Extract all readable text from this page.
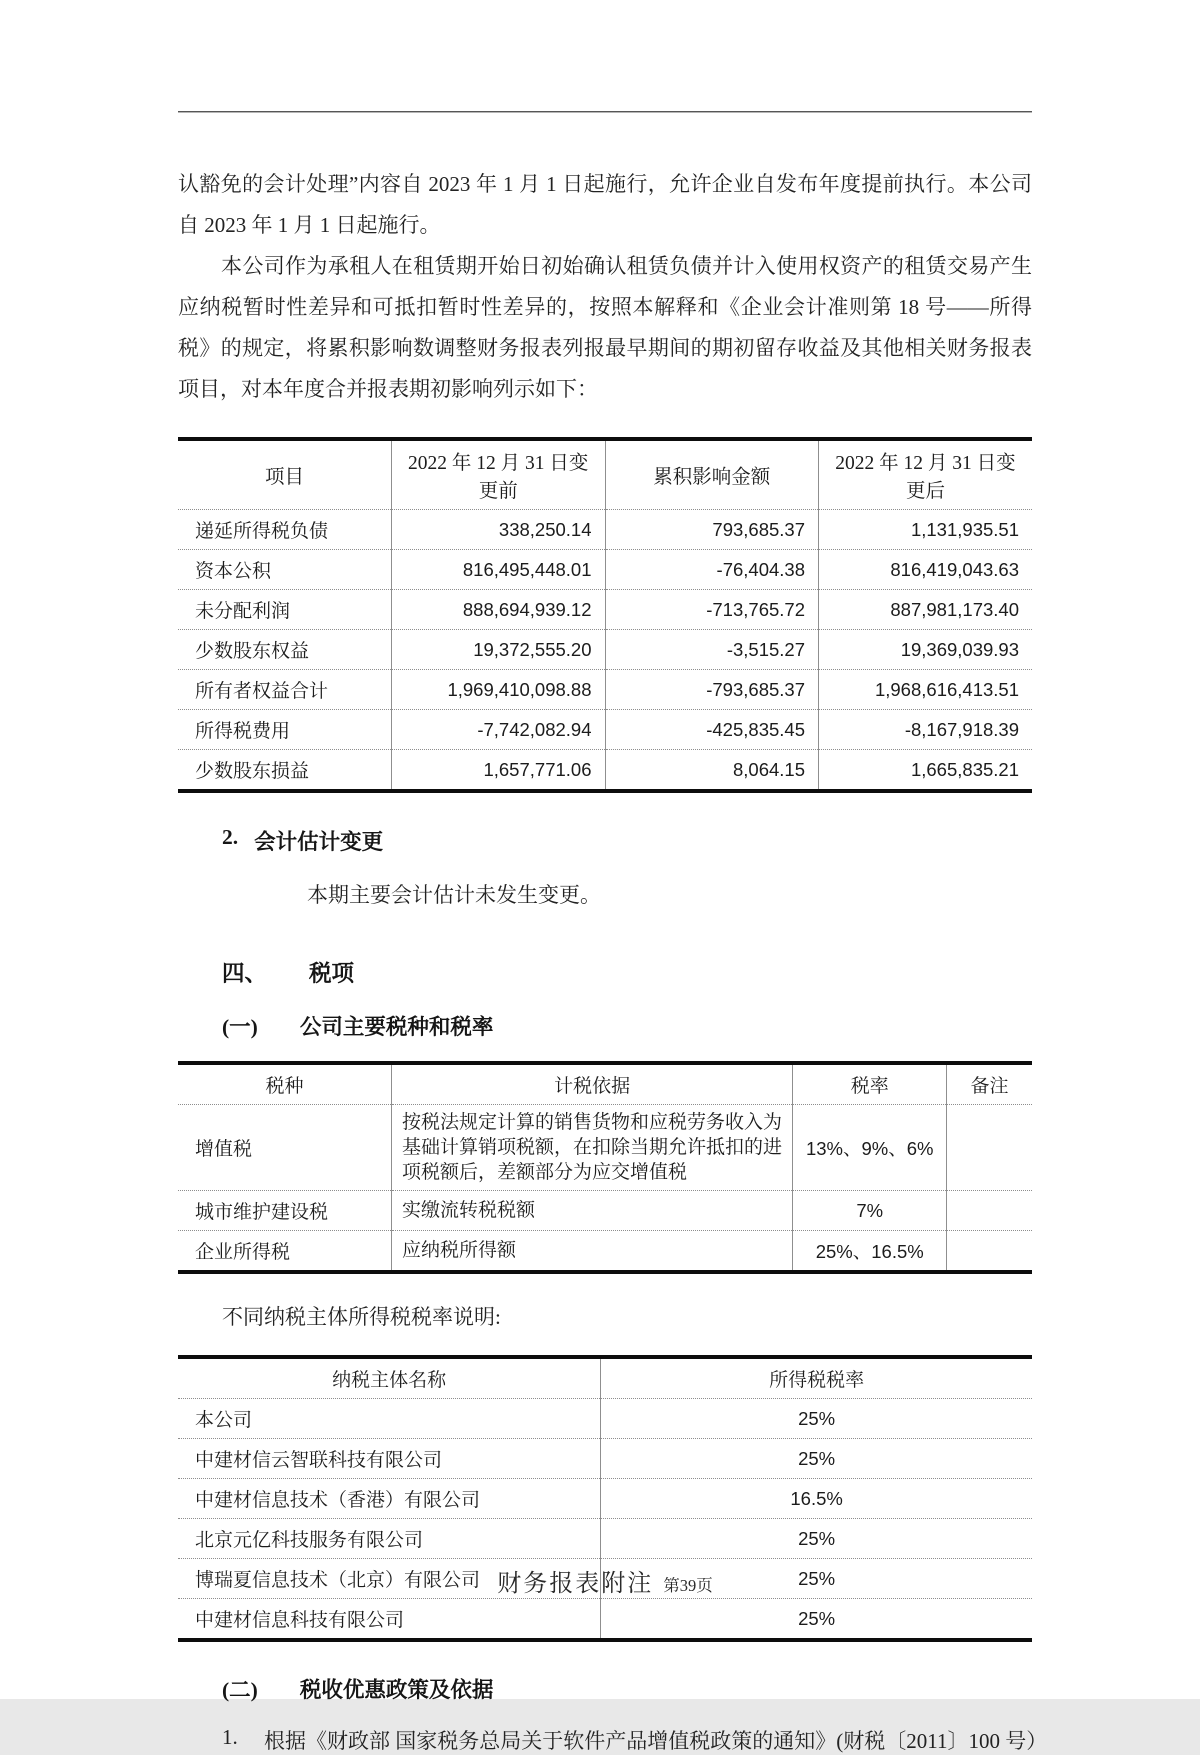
认豁免的会计处理”内容自 2023 年 1 月 1 日起施行，允许企业自发布年度提前执行。本公司自 2023 年 1 月 1 日起施行。

本公司作为承租人在租赁期开始日初始确认租赁负债并计入使用权资产的租赁交易产生应纳税暂时性差异和可抵扣暂时性差异的，按照本解释和《企业会计准则第 18 号——所得税》的规定，将累积影响数调整财务报表列报最早期间的期初留存收益及其他相关财务报表项目，对本年度合并报表期初影响列示如下：

项目	2022 年 12 月 31 日变更前	累积影响金额	2022 年 12 月 31 日变更后
递延所得税负债	338,250.14	793,685.37	1,131,935.51
资本公积	816,495,448.01	-76,404.38	816,419,043.63
未分配利润	888,694,939.12	-713,765.72	887,981,173.40
少数股东权益	19,372,555.20	-3,515.27	19,369,039.93
所有者权益合计	1,969,410,098.88	-793,685.37	1,968,616,413.51
所得税费用	-7,742,082.94	-425,835.45	-8,167,918.39
少数股东损益	1,657,771.06	8,064.15	1,665,835.21
2. 会计估计变更

本期主要会计估计未发生变更。

四、 税项
(一) 公司主要税种和税率
税种	计税依据	税率	备注
增值税	按税法规定计算的销售货物和应税劳务收入为基础计算销项税额，在扣除当期允许抵扣的进项税额后，差额部分为应交增值税	13%、9%、6%	
城市维护建设税	实缴流转税税额	7%	
企业所得税	应纳税所得额	25%、16.5%	

不同纳税主体所得税税率说明:

纳税主体名称	所得税税率
本公司	25%
中建材信云智联科技有限公司	25%
中建材信息技术（香港）有限公司	16.5%
北京元亿科技服务有限公司	25%
博瑞夏信息技术（北京）有限公司	25%
中建材信息科技有限公司	25%
(二) 税收优惠政策及依据
1.	根据《财政部 国家税务总局关于软件产品增值税政策的通知》(财税〔2011〕100 号）
财务报表附注 第39页
